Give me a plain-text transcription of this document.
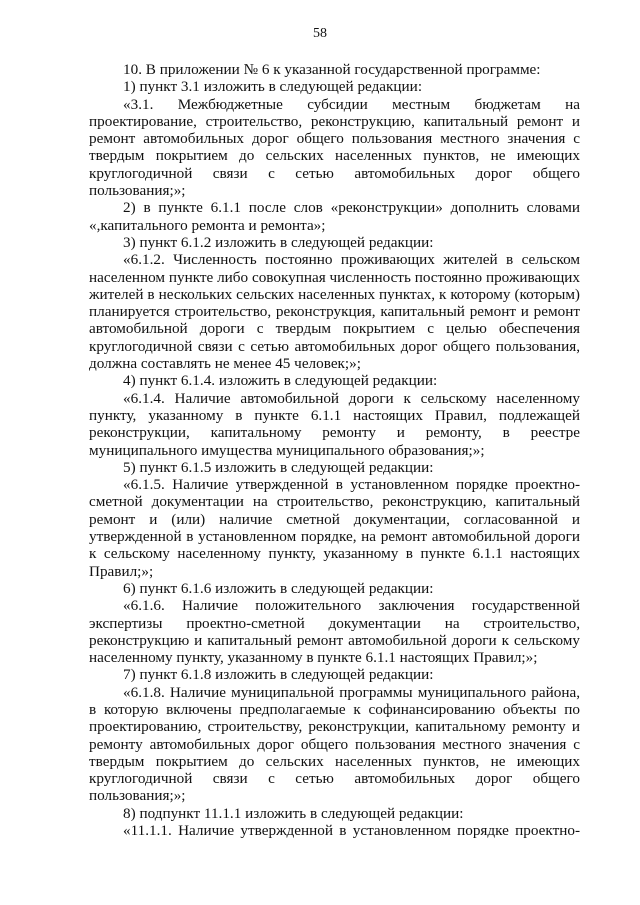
58

10. В приложении № 6 к указанной государственной программе:

1) пункт 3.1 изложить в следующей редакции:

«3.1. Межбюджетные субсидии местным бюджетам на проектирование, строительство, реконструкцию, капитальный ремонт и ремонт автомобильных дорог общего пользования местного значения с твердым покрытием до сельских населенных пунктов, не имеющих круглогодичной связи с сетью автомобильных дорог общего пользования;»;

2) в пункте 6.1.1 после слов «реконструкции» дополнить словами «,капитального ремонта и ремонта»;

3) пункт 6.1.2 изложить в следующей редакции:

«6.1.2. Численность постоянно проживающих жителей в сельском населенном пункте либо совокупная численность постоянно проживающих жителей в нескольких сельских населенных пунктах, к которому (которым) планируется строительство, реконструкция, капитальный ремонт и ремонт автомобильной дороги с твердым покрытием с целью обеспечения круглогодичной связи с сетью автомобильных дорог общего пользования, должна составлять не менее 45 человек;»;

4) пункт 6.1.4. изложить в следующей редакции:

«6.1.4. Наличие автомобильной дороги к сельскому населенному пункту, указанному в пункте 6.1.1 настоящих Правил, подлежащей реконструкции, капитальному ремонту и ремонту, в реестре муниципального имущества муниципального образования;»;

5) пункт 6.1.5 изложить в следующей редакции:

«6.1.5. Наличие утвержденной в установленном порядке проектно-сметной документации на строительство, реконструкцию, капитальный ремонт и (или) наличие сметной документации, согласованной и утвержденной в установленном порядке, на ремонт автомобильной дороги к сельскому населенному пункту, указанному в пункте 6.1.1 настоящих Правил;»;

6) пункт 6.1.6 изложить в следующей редакции:

«6.1.6. Наличие положительного заключения государственной экспертизы проектно-сметной документации на строительство, реконструкцию и капитальный ремонт автомобильной дороги к сельскому населенному пункту, указанному в пункте 6.1.1 настоящих Правил;»;

7) пункт 6.1.8 изложить в следующей редакции:

«6.1.8. Наличие муниципальной программы муниципального района, в которую включены предполагаемые к софинансированию объекты по проектированию, строительству, реконструкции, капитальному ремонту и ремонту автомобильных дорог общего пользования местного значения с твердым покрытием до сельских населенных пунктов, не имеющих круглогодичной связи с сетью автомобильных дорог общего пользования;»;

8) подпункт 11.1.1 изложить в следующей редакции:

«11.1.1. Наличие утвержденной в установленном порядке проектно-
